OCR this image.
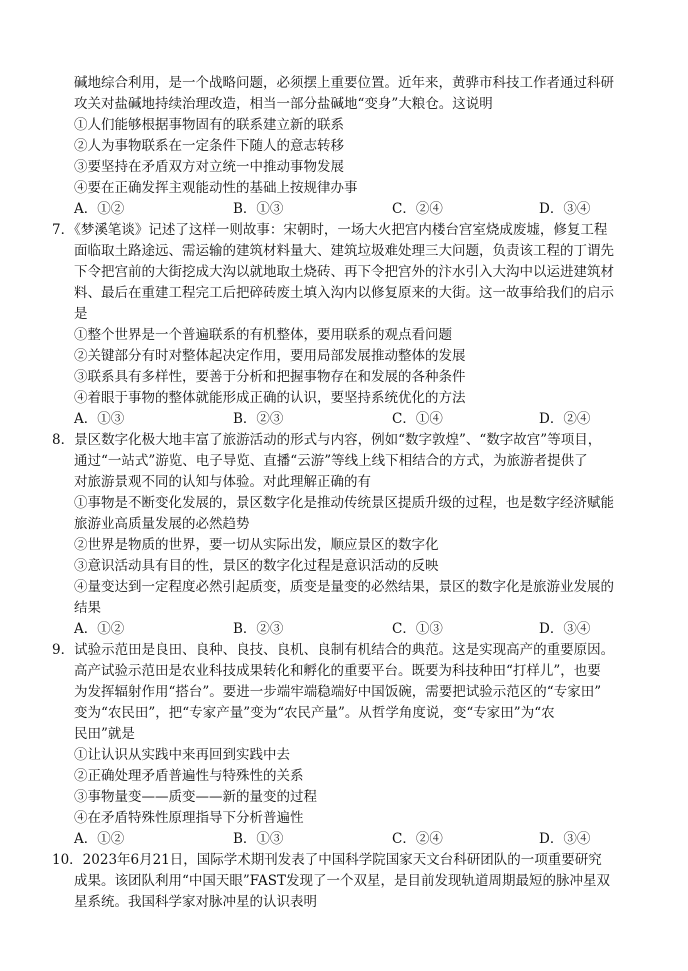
碱地综合利用，是一个战略问题，必须摆上重要位置。近年来，黄骅市科技工作者通过科研
攻关对盐碱地持续治理改造，相当一部分盐碱地“变身”大粮仓。这说明
①人们能够根据事物固有的联系建立新的联系
②人为事物联系在一定条件下随人的意志转移
③要坚持在矛盾双方对立统一中推动事物发展
④要在正确发挥主观能动性的基础上按规律办事
A．①②	B．①③	C．②④	D．③④
7．《梦溪笔谈》记述了这样一则故事：宋朝时，一场大火把宫内楼台宫室烧成废墟，修复工程
面临取土路途远、需运输的建筑材料量大、建筑垃圾难处理三大问题，负责该工程的丁谓先
下令把宫前的大街挖成大沟以就地取土烧砖、再下令把宫外的汴水引入大沟中以运进建筑材
料、最后在重建工程完工后把碎砖废土填入沟内以修复原来的大街。这一故事给我们的启示
是
①整个世界是一个普遍联系的有机整体，要用联系的观点看问题
②关键部分有时对整体起决定作用，要用局部发展推动整体的发展
③联系具有多样性，要善于分析和把握事物存在和发展的各种条件
④着眼于事物的整体就能形成正确的认识，要坚持系统优化的方法
A．①③	B．②③	C．①④	D．②④
8．景区数字化极大地丰富了旅游活动的形式与内容，例如“数字敦煌”、“数字故宫”等项目，
通过“一站式”游览、电子导览、直播“云游”等线上线下相结合的方式，为旅游者提供了
对旅游景观不同的认知与体验。对此理解正确的有
①事物是不断变化发展的，景区数字化是推动传统景区提质升级的过程，也是数字经济赋能
旅游业高质量发展的必然趋势
②世界是物质的世界，要一切从实际出发，顺应景区的数字化
③意识活动具有目的性，景区的数字化过程是意识活动的反映
④量变达到一定程度必然引起质变，质变是量变的必然结果，景区的数字化是旅游业发展的
结果
A．①②	B．②③	C．①③	D．③④
9．试验示范田是良田、良种、良技、良机、良制有机结合的典范。这是实现高产的重要原因。
高产试验示范田是农业科技成果转化和孵化的重要平台。既要为科技种田“打样儿”，也要
为发挥辐射作用“搭台”。要进一步端牢端稳端好中国饭碗，需要把试验示范区的“专家田”
变为“农民田”，把“专家产量”变为“农民产量”。从哲学角度说，变“专家田”为“农
民田”就是
①让认识从实践中来再回到实践中去
②正确处理矛盾普遍性与特殊性的关系
③事物量变——质变——新的量变的过程
④在矛盾特殊性原理指导下分析普遍性
A．①②	B．①③	C．②④	D．③④
10．2023年6月21日，国际学术期刊发表了中国科学院国家天文台科研团队的一项重要研究
成果。该团队利用“中国天眼”FAST发现了一个双星，是目前发现轨道周期最短的脉冲星双
星系统。我国科学家对脉冲星的认识表明
